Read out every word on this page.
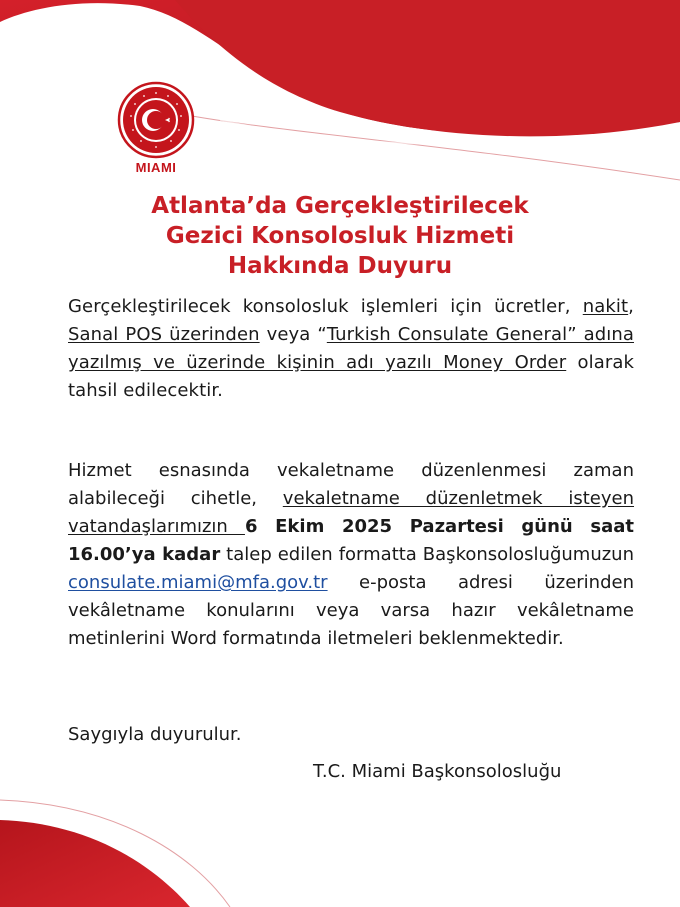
MIAMI
Atlanta’da Gerçekleştirilecek
Gezici Konsolosluk Hizmeti
Hakkında Duyuru
Gerçekleştirilecek konsolosluk işlemleri için ücretler, nakit, Sanal POS üzerinden veya “Turkish Consulate General” adına yazılmış ve üzerinde kişinin adı yazılı Money Order olarak tahsil edilecektir.
Hizmet esnasında vekaletname düzenlenmesi zaman alabileceği cihetle, vekaletname düzenletmek isteyen vatandaşlarımızın 6 Ekim 2025 Pazartesi günü saat 16.00’ya kadar talep edilen formatta Başkonsolosluğumuzun consulate.miami@mfa.gov.tr e-posta adresi üzerinden vekâletname konularını veya varsa hazır vekâletname metinlerini Word formatında iletmeleri beklenmektedir.
Saygıyla duyurulur.
T.C. Miami Başkonsolosluğu
